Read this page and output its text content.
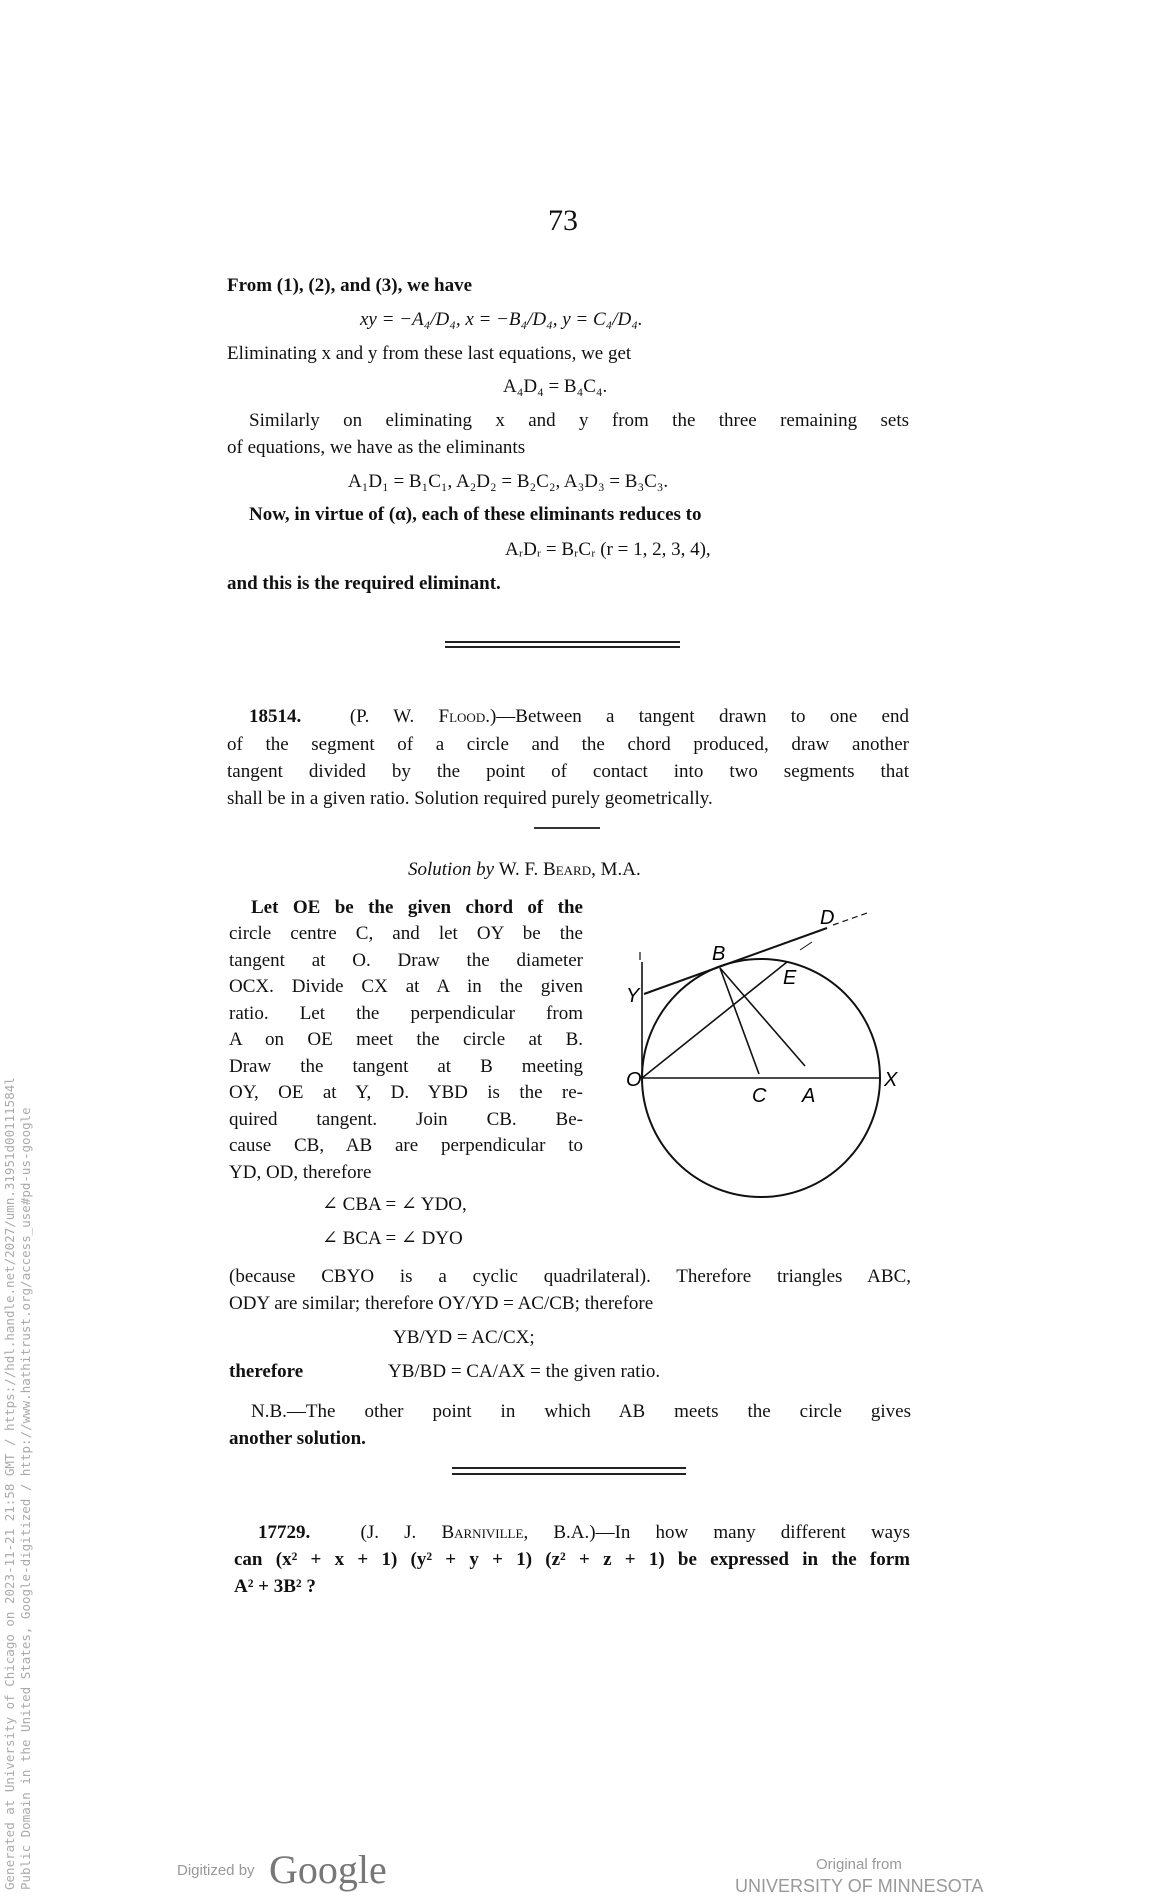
73
From (1), (2), and (3), we have
xy = −A₄/D₄, x = −B₄/D₄, y = C₄/D₄.
Eliminating x and y from these last equations, we get
A₄D₄ = B₄C₄.
Similarly on eliminating x and y from the three remaining sets
of equations, we have as the eliminants
A₁D₁ = B₁C₁, A₂D₂ = B₂C₂, A₃D₃ = B₃C₃.
Now, in virtue of (α), each of these eliminants reduces to
AᵣDᵣ = BᵣCᵣ (r = 1, 2, 3, 4),
and this is the required eliminant.
18514.	(P. W. Flood.)—Between a tangent drawn to one end
of the segment of a circle and the chord produced, draw another
tangent divided by the point of contact into two segments that
shall be in a given ratio. Solution required purely geometrically.
Solution by W. F. Beard, M.A.
Let OE be the given chord of the
circle centre C, and let OY be the
tangent at O. Draw the diameter
OCX. Divide CX at A in the given
ratio. Let the perpendicular from
A on OE meet the circle at B.
Draw the tangent at B meeting
OY, OE at Y, D. YBD is the re-
quired tangent. Join CB. Be-
cause CB, AB are perpendicular to
YD, OD, therefore
∠ CBA = ∠ YDO,
∠ BCA = ∠ DYO
D
B
E
Y
O
C A
X
(because CBYO is a cyclic quadrilateral). Therefore triangles ABC,
ODY are similar; therefore OY/YD = AC/CB; therefore
YB/YD = AC/CX;
therefore	YB/BD = CA/AX = the given ratio.
N.B.—The other point in which AB meets the circle gives
another solution.
17729.	(J. J. Barniville, B.A.)—In how many different ways
can (x² + x + 1) (y² + y + 1) (z² + z + 1) be expressed in the form
A² + 3B² ?
Generated at University of Chicago on 2023-11-21 21:58 GMT / https://hdl.handle.net/2027/umn.31951d00111584l Public Domain in the United States, Google-digitized / http://www.hathitrust.org/access_use#pd-us-google	Digitized by Google	Original from
UNIVERSITY OF MINNESOTA
